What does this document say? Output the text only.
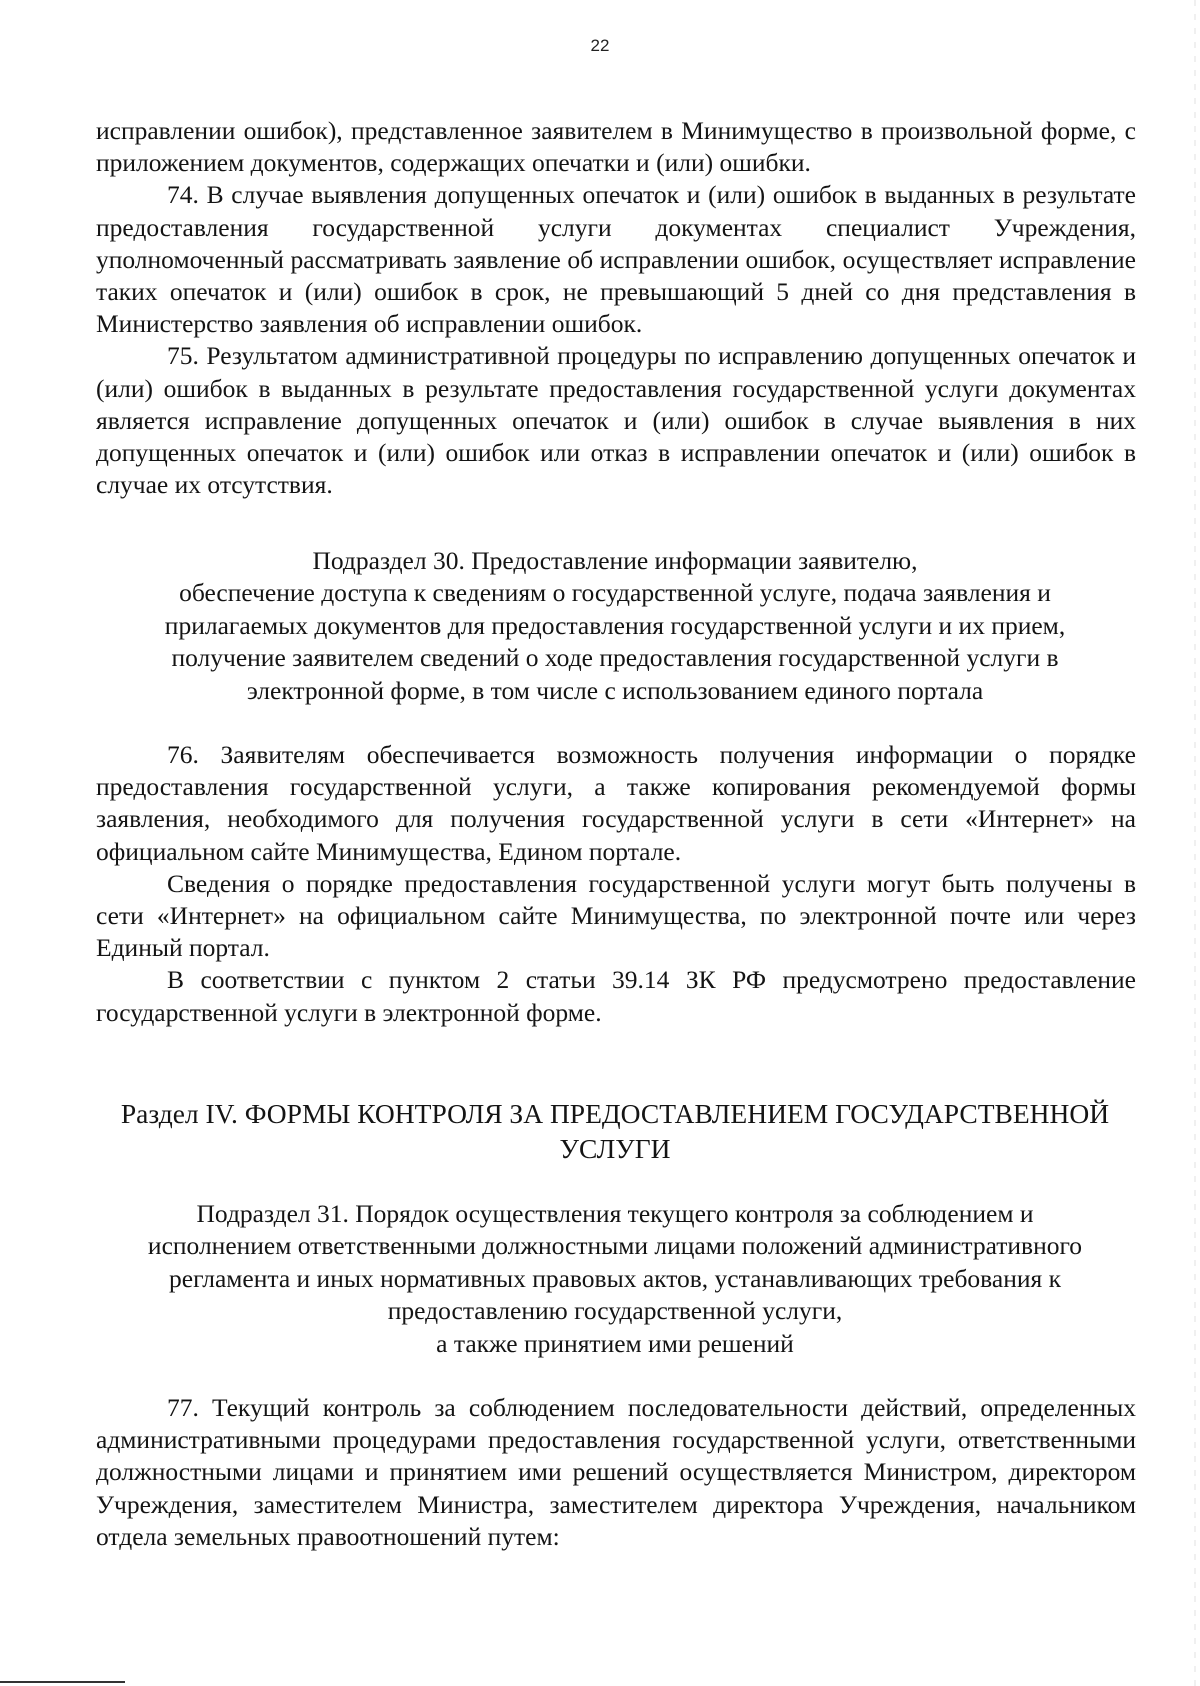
22

исправлении ошибок), представленное заявителем в Минимущество в произвольной форме, с приложением документов, содержащих опечатки и (или) ошибки.

74. В случае выявления допущенных опечаток и (или) ошибок в выданных в результате предоставления государственной услуги документах специалист Учреждения, уполномоченный рассматривать заявление об исправлении ошибок, осуществляет исправление таких опечаток и (или) ошибок в срок, не превышающий 5 дней со дня представления в Министерство заявления об исправлении ошибок.

75. Результатом административной процедуры по исправлению допущенных опечаток и (или) ошибок в выданных в результате предоставления государственной услуги документах является исправление допущенных опечаток и (или) ошибок в случае выявления в них допущенных опечаток и (или) ошибок или отказ в исправлении опечаток и (или) ошибок в случае их отсутствия.

Подраздел 30. Предоставление информации заявителю,

обеспечение доступа к сведениям о государственной услуге, подача заявления и

прилагаемых документов для предоставления государственной услуги и их прием,

получение заявителем сведений о ходе предоставления государственной услуги в

электронной форме, в том числе с использованием единого портала

76. Заявителям обеспечивается возможность получения информации о порядке предоставления государственной услуги, а также копирования рекомендуемой формы заявления, необходимого для получения государственной услуги в сети «Интернет» на официальном сайте Минимущества, Едином портале.

Сведения о порядке предоставления государственной услуги могут быть получены в сети «Интернет» на официальном сайте Минимущества, по электронной почте или через Единый портал.

В соответствии с пунктом 2 статьи 39.14 ЗК РФ предусмотрено предоставление государственной услуги в электронной форме.

Раздел IV. ФОРМЫ КОНТРОЛЯ ЗА ПРЕДОСТАВЛЕНИЕМ ГОСУДАРСТВЕННОЙ

УСЛУГИ

Подраздел 31. Порядок осуществления текущего контроля за соблюдением и

исполнением ответственными должностными лицами положений административного

регламента и иных нормативных правовых актов, устанавливающих требования к

предоставлению государственной услуги,

а также принятием ими решений

77. Текущий контроль за соблюдением последовательности действий, определенных административными процедурами предоставления государственной услуги, ответственными должностными лицами и принятием ими решений осуществляется Министром, директором Учреждения, заместителем Министра, заместителем директора Учреждения, начальником отдела земельных правоотношений путем:
